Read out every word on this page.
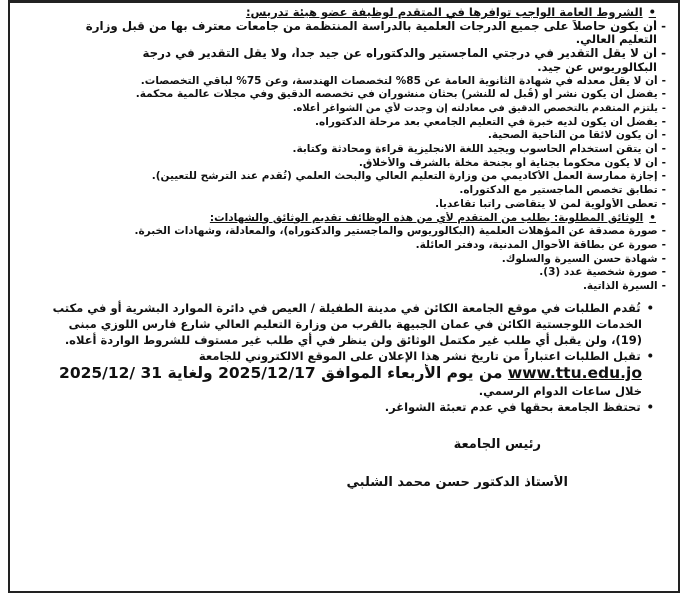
• الشروط العامة الواجب توافرها في المتقدم لوظيفة عضو هيئة تدريس:
- أن يكون حاصلاً على جميع الدرجات العلمية بالدراسة المنتظمة من جامعات معترف بها من قبل وزارة
التعليم العالي.
- أن لا يقل التقدير في درجتي الماجستير والدكتوراه عن جيد جداً، ولا يقل التقدير في درجة
البكالوريوس عن جيد.
- أن لا يقل معدله في شهادة الثانوية العامة عن 85% لتخصصات الهندسة، وعن 75% لباقي التخصصات.
- يفضل أن يكون نشر أو (قُبل له للنشر) بحثان منشوران في تخصصه الدقيق وفي مجلات عالمية محكمة.
- يلتزم المتقدم بالتخصص الدقيق في معادلته إن وجدت لأي من الشواغر أعلاه.
- يفضل أن يكون لديه خبرة في التعليم الجامعي بعد مرحلة الدكتوراه.
- أن يكون لائقاً من الناحية الصحية.
- أن يتقن استخدام الحاسوب ويجيد اللغة الانجليزية قراءة ومحادثة وكتابة.
- أن لا يكون محكوماً بجناية أو بجنحة مخلة بالشرف والأخلاق.
- إجازة ممارسة العمل الأكاديمي من وزارة التعليم العالي والبحث العلمي (تُقدم عند الترشح للتعيين).
- تطابق تخصص الماجستير مع الدكتوراه.
- تعطى الأولوية لمن لا يتقاضى راتباً تقاعدياً.
• الوثائق المطلوبة: يطلب من المتقدم لأي من هذه الوظائف تقديم الوثائق والشهادات:
- صورة مصدقة عن المؤهلات العلمية (البكالوريوس والماجستير والدكتوراه)، والمعادلة، وشهادات الخبرة.
- صورة عن بطاقة الأحوال المدنية، ودفتر العائلة.
- شهادة حسن السيرة والسلوك.
- صورة شخصية عدد (3).
- السيرة الذاتية.
• تُقدم الطلبات في موقع الجامعة الكائن في مدينة الطفيلة / العيص في دائرة الموارد البشرية أو في مكتب
الخدمات اللوجستية الكائن في عمان الجبيهة بالقرب من وزارة التعليم العالي شارع فارس اللوزي مبنى
(19)، ولن يقبل أي طلب غير مكتمل الوثائق ولن ينظر في أي طلب غير مستوف للشروط الواردة أعلاه.
• تقبل الطلبات اعتباراً من تاريخ نشر هذا الإعلان على الموقع الالكتروني للجامعة
www.ttu.edu.jo من يوم الأربعاء الموافق 2025/12/17 ولغاية 31 /2025/12
خلال ساعات الدوام الرسمي.
• تحتفظ الجامعة بحقها في عدم تعبئة الشواغر.
رئيس الجامعة
الأستاذ الدكتور حسن محمد الشلبي
